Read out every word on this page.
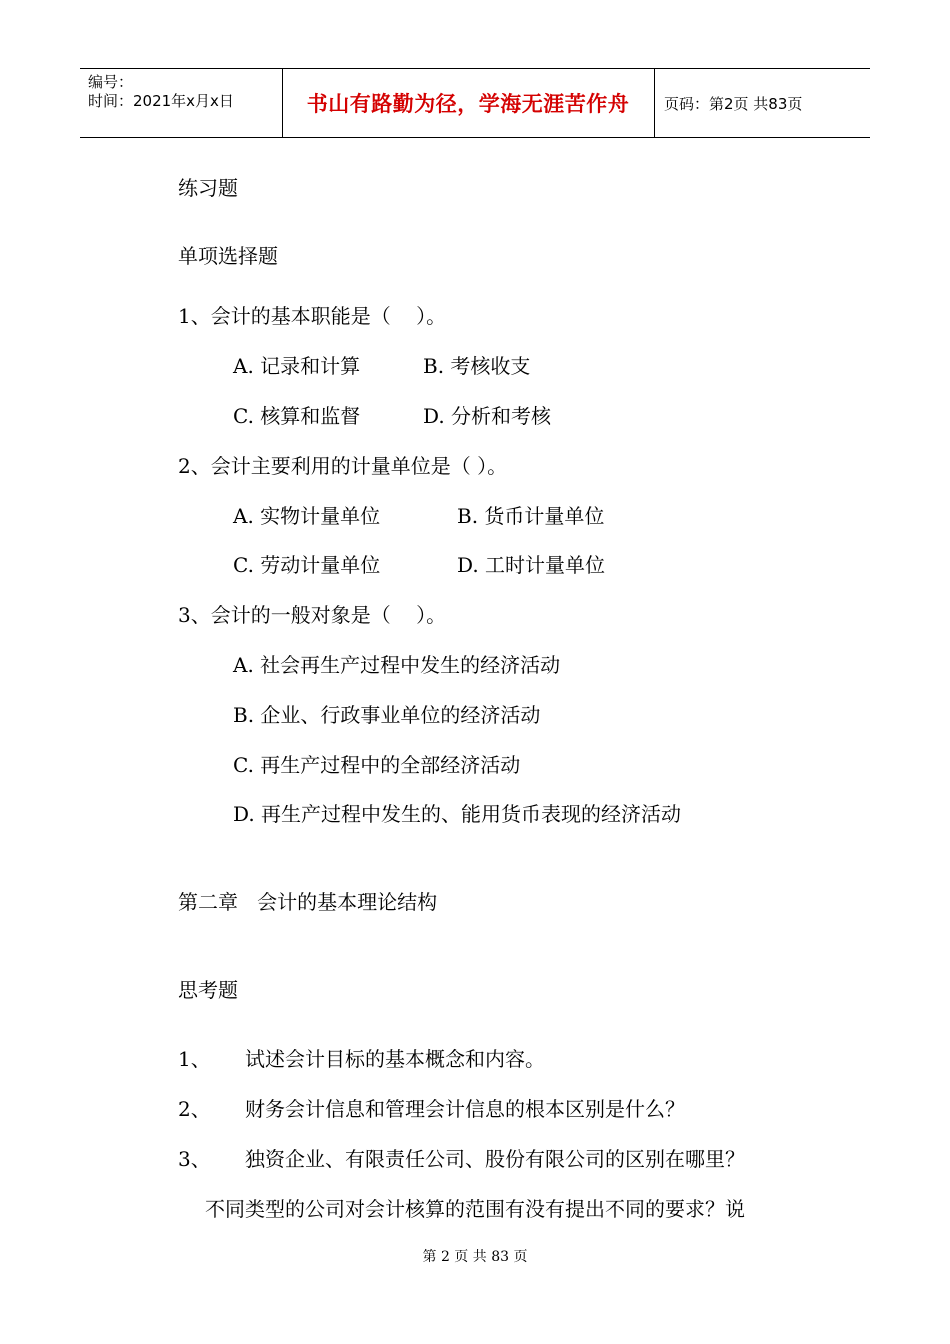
编号：
时间：2021年x月x日	书山有路勤为径，学海无涯苦作舟	页码：第2页 共83页
练习题
单项选择题
1、会计的基本职能是（    ）。
A. 记录和计算	B. 考核收支
C. 核算和监督	D. 分析和考核
2、会计主要利用的计量单位是（ ）。
A. 实物计量单位	B. 货币计量单位
C. 劳动计量单位	D. 工时计量单位
3、会计的一般对象是（    ）。
A. 社会再生产过程中发生的经济活动
B. 企业、行政事业单位的经济活动
C. 再生产过程中的全部经济活动
D. 再生产过程中发生的、能用货币表现的经济活动
第二章   会计的基本理论结构
思考题
1、 试述会计目标的基本概念和内容。
2、 财务会计信息和管理会计信息的根本区别是什么？
3、 独资企业、有限责任公司、股份有限公司的区别在哪里？
不同类型的公司对会计核算的范围有没有提出不同的要求？说
第 2 页 共 83 页
